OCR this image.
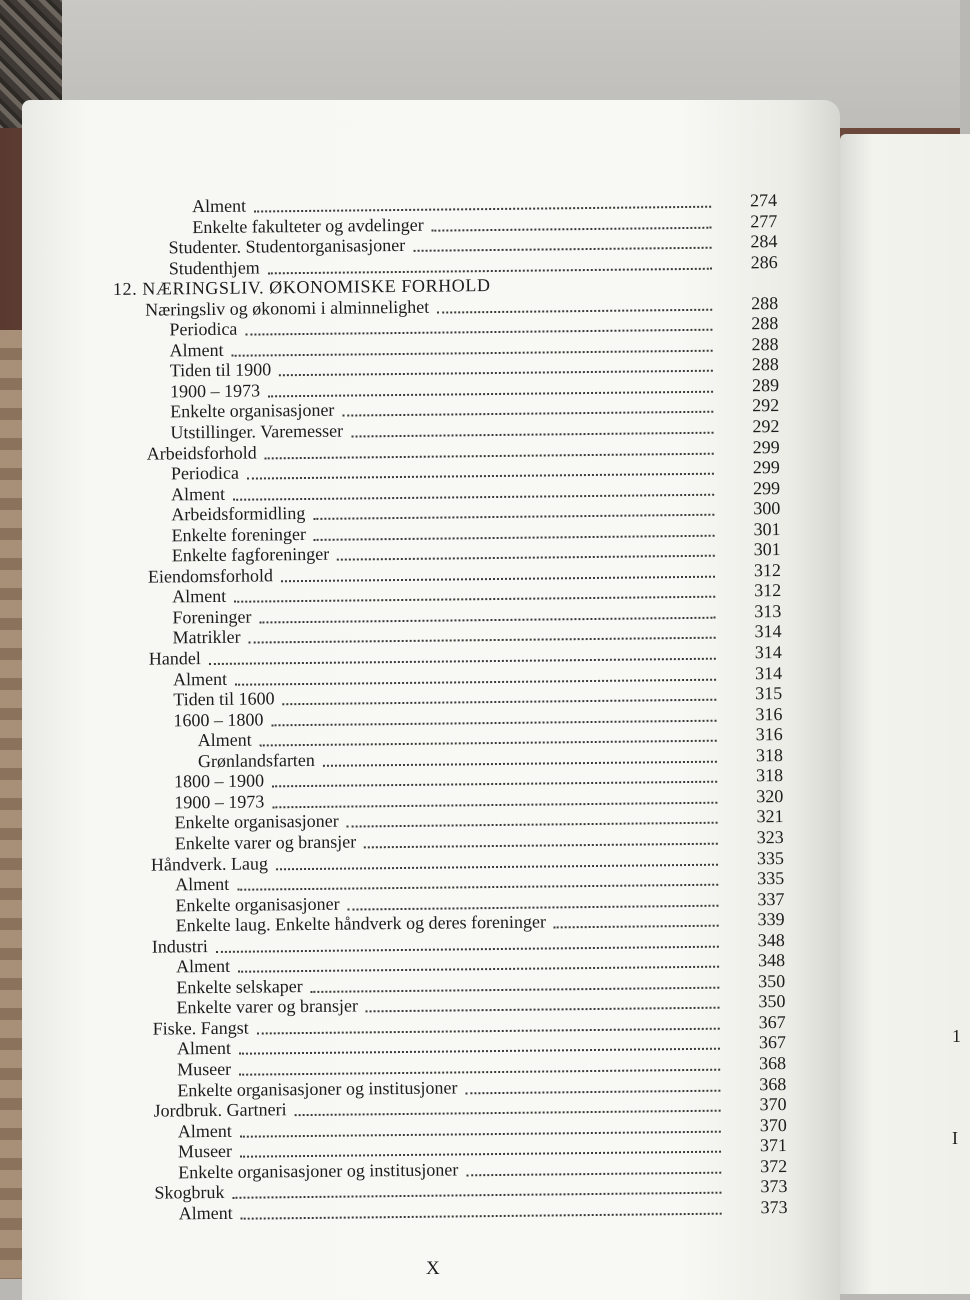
1
I
Alment	274
Enkelte fakulteter og avdelinger	277
Studenter. Studentorganisasjoner	284
Studenthjem	286
12. NÆRINGSLIV. ØKONOMISKE FORHOLD
Næringsliv og økonomi i alminnelighet	288
Periodica	288
Alment	288
Tiden til 1900	288
1900 – 1973	289
Enkelte organisasjoner	292
Utstillinger. Varemesser	292
Arbeidsforhold	299
Periodica	299
Alment	299
Arbeidsformidling	300
Enkelte foreninger	301
Enkelte fagforeninger	301
Eiendomsforhold	312
Alment	312
Foreninger	313
Matrikler	314
Handel	314
Alment	314
Tiden til 1600	315
1600 – 1800	316
Alment	316
Grønlandsfarten	318
1800 – 1900	318
1900 – 1973	320
Enkelte organisasjoner	321
Enkelte varer og bransjer	323
Håndverk. Laug	335
Alment	335
Enkelte organisasjoner	337
Enkelte laug. Enkelte håndverk og deres foreninger	339
Industri	348
Alment	348
Enkelte selskaper	350
Enkelte varer og bransjer	350
Fiske. Fangst	367
Alment	367
Museer	368
Enkelte organisasjoner og institusjoner	368
Jordbruk. Gartneri	370
Alment	370
Museer	371
Enkelte organisasjoner og institusjoner	372
Skogbruk	373
Alment	373
X
